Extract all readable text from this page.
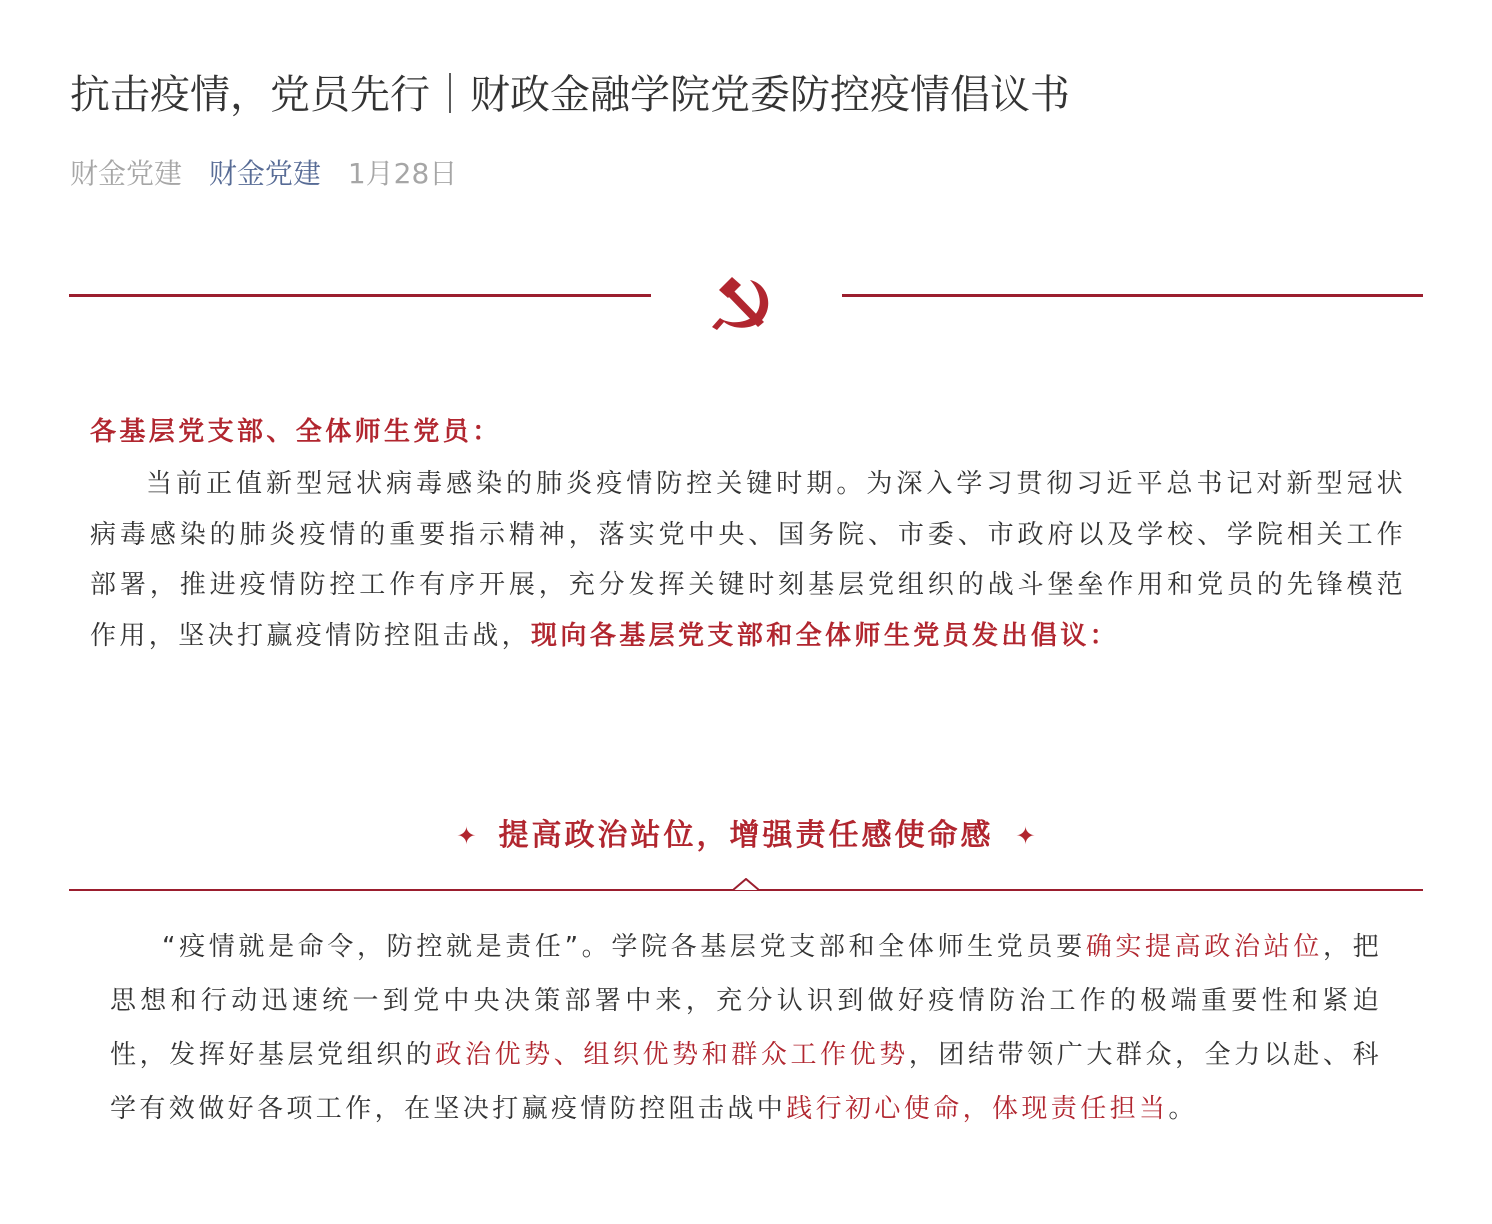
抗击疫情，党员先行｜财政金融学院党委防控疫情倡议书
财金党建 财金党建 1月28日

各基层党支部、全体师生党员：

当前正值新型冠状病毒感染的肺炎疫情防控关键时期。为深入学习贯彻习近平总书记对新型冠状病毒感染的肺炎疫情的重要指示精神，落实党中央、国务院、市委、市政府以及学校、学院相关工作部署，推进疫情防控工作有序开展，充分发挥关键时刻基层党组织的战斗堡垒作用和党员的先锋模范作用，坚决打赢疫情防控阻击战，现向各基层党支部和全体师生党员发出倡议：

✦ 提高政治站位，增强责任感使命感 ✦

“疫情就是命令，防控就是责任”。学院各基层党支部和全体师生党员要确实提高政治站位，把思想和行动迅速统一到党中央决策部署中来，充分认识到做好疫情防治工作的极端重要性和紧迫性，发挥好基层党组织的政治优势、组织优势和群众工作优势，团结带领广大群众，全力以赴、科学有效做好各项工作，在坚决打赢疫情防控阻击战中践行初心使命，体现责任担当。
